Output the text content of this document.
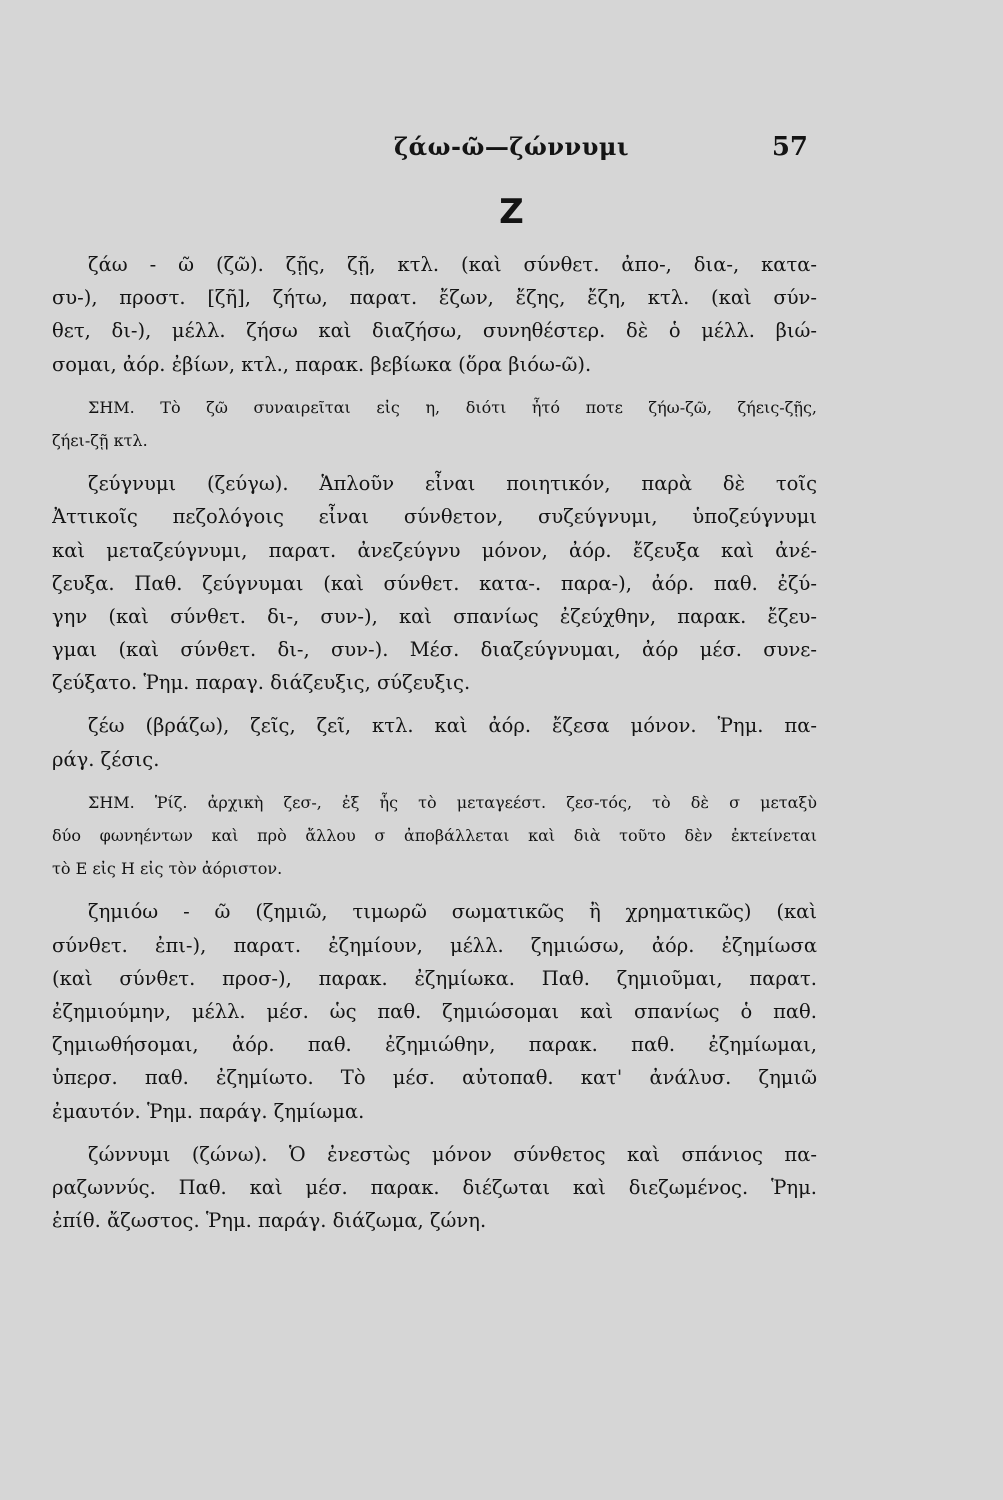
ζάω-ῶ—ζώννυμι	57
Ζ
ζάω - ῶ (ζῶ). ζῇς, ζῇ, κτλ. (καὶ σύνθετ. ἀπο-, δια-, κατα-
συ-), προστ. [ζῆ], ζήτω, παρατ. ἔζων, ἔζης, ἔζη, κτλ. (καὶ σύν-
θετ, δι-), μέλλ. ζήσω καὶ διαζήσω, συνηθέστερ. δὲ ὁ μέλλ. βιώ-
σομαι, ἀόρ. ἐβίων, κτλ., παρακ. βεβίωκα (ὅρα βιόω-ῶ).
ΣΗΜ. Τὸ ζῶ συναιρεῖται εἰς η, διότι ἦτό ποτε ζήω-ζῶ, ζήεις-ζῇς,
ζήει-ζῇ κτλ.
ζεύγνυμι (ζεύγω). Ἁπλοῦν εἶναι ποιητικόν, παρὰ δὲ τοῖς
Ἀττικοῖς πεζολόγοις εἶναι σύνθετον, συζεύγνυμι, ὑποζεύγνυμι
καὶ μεταζεύγνυμι, παρατ. ἀνεζεύγνυ μόνον, ἀόρ. ἔζευξα καὶ ἀνέ-
ζευξα. Παθ. ζεύγνυμαι (καὶ σύνθετ. κατα-. παρα-), ἀόρ. παθ. ἐζύ-
γην (καὶ σύνθετ. δι-, συν-), καὶ σπανίως ἐζεύχθην, παρακ. ἔζευ-
γμαι (καὶ σύνθετ. δι-, συν-). Μέσ. διαζεύγνυμαι, ἀόρ μέσ. συνε-
ζεύξατο. Ῥημ. παραγ. διάζευξις, σύζευξις.
ζέω (βράζω), ζεῖς, ζεῖ, κτλ. καὶ ἀόρ. ἔζεσα μόνον. Ῥημ. πα-
ράγ. ζέσις.
ΣΗΜ. Ῥίζ. ἀρχικὴ ζεσ-, ἐξ ἧς τὸ μεταγεέστ. ζεσ-τός, τὸ δὲ σ μεταξὺ
δύο φωνηέντων καὶ πρὸ ἄλλου σ ἀποβάλλεται καὶ διὰ τοῦτο δὲν ἐκτείνεται
τὸ Ε εἰς Η εἰς τὸν ἀόριστον.
ζημιόω - ῶ (ζημιῶ, τιμωρῶ σωματικῶς ἢ χρηματικῶς) (καὶ
σύνθετ. ἐπι-), παρατ. ἐζημίουν, μέλλ. ζημιώσω, ἀόρ. ἐζημίωσα
(καὶ σύνθετ. προσ-), παρακ. ἐζημίωκα. Παθ. ζημιοῦμαι, παρατ.
ἐζημιούμην, μέλλ. μέσ. ὡς παθ. ζημιώσομαι καὶ σπανίως ὁ παθ.
ζημιωθήσομαι, ἀόρ. παθ. ἐζημιώθην, παρακ. παθ. ἐζημίωμαι,
ὑπερσ. παθ. ἐζημίωτο. Τὸ μέσ. αὐτοπαθ. κατ' ἀνάλυσ. ζημιῶ
ἐμαυτόν. Ῥημ. παράγ. ζημίωμα.
ζώννυμι (ζώνω). Ὁ ἐνεστὼς μόνον σύνθετος καὶ σπάνιος πα-
ραζωννύς. Παθ. καὶ μέσ. παρακ. διέζωται καὶ διεζωμένος. Ῥημ.
ἐπίθ. ἄζωστος. Ῥημ. παράγ. διάζωμα, ζώνη.
